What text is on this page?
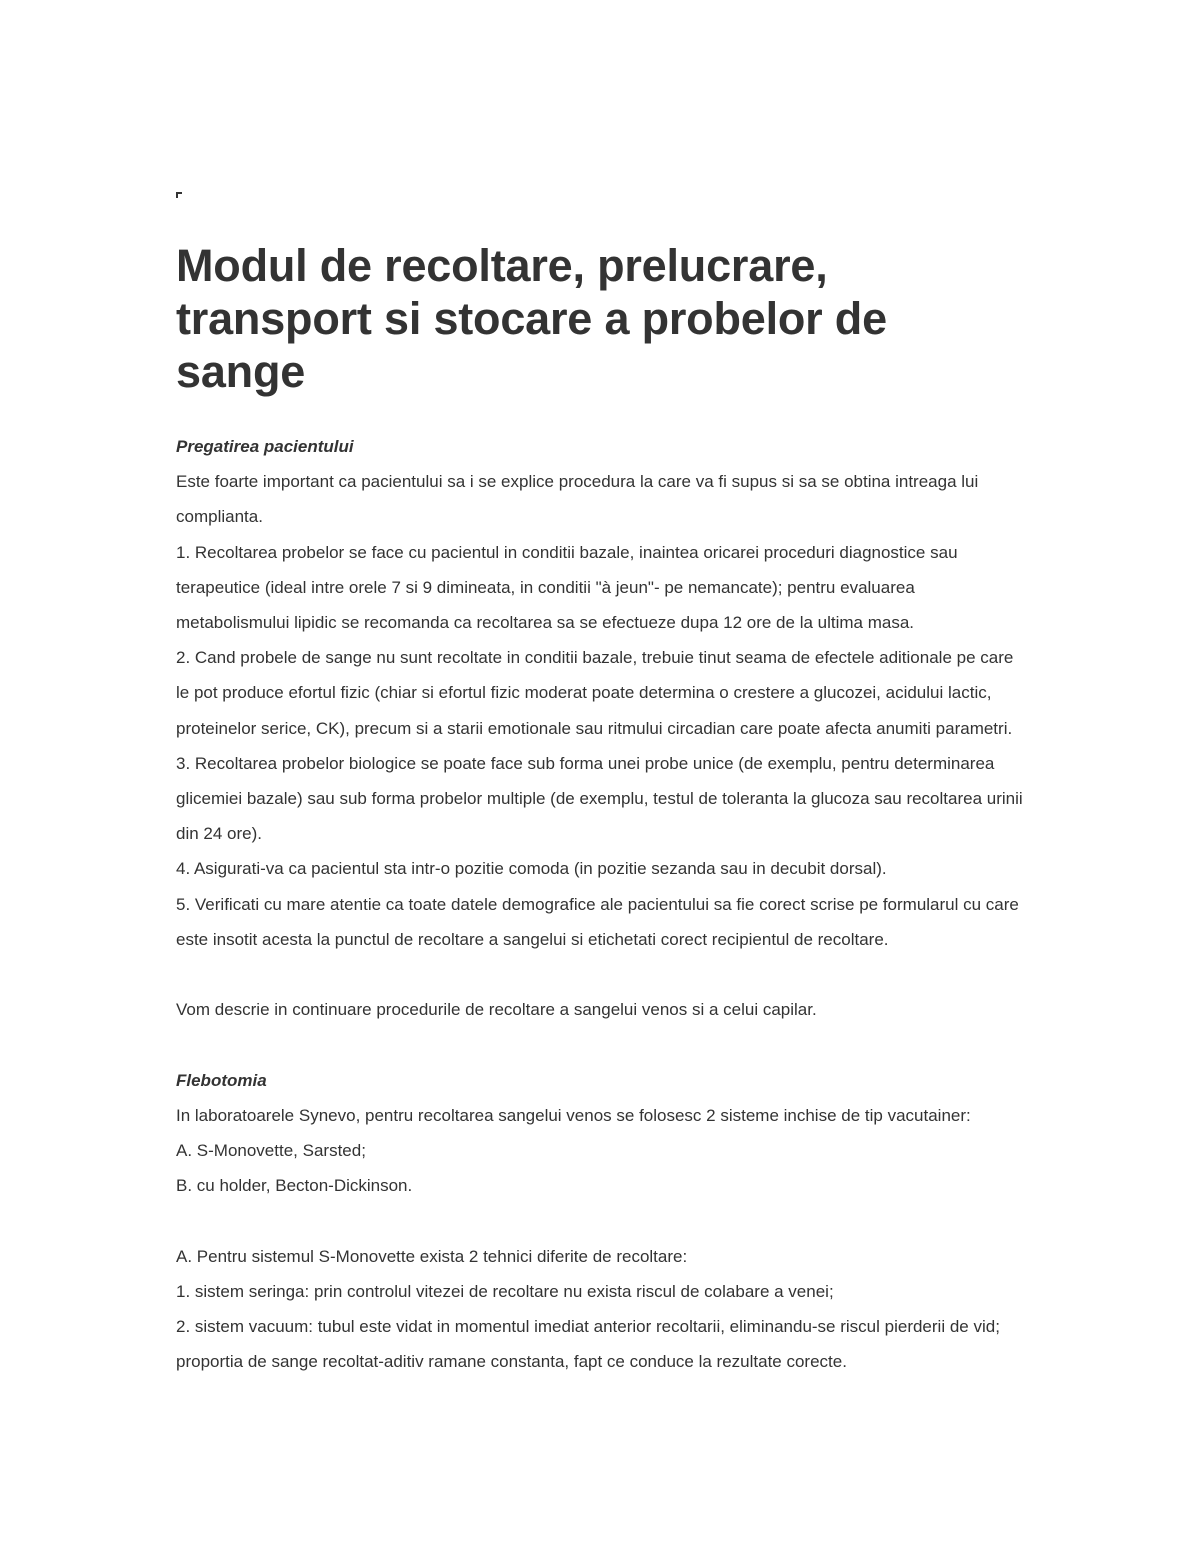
Modul de recoltare, prelucrare, transport si stocare a probelor de sange

Pregatirea pacientului

Este foarte important ca pacientului sa i se explice procedura la care va fi supus si sa se obtina intreaga lui complianta.

1. Recoltarea probelor se face cu pacientul in conditii bazale, inaintea oricarei proceduri diagnostice sau terapeutice (ideal intre orele 7 si 9 dimineata, in conditii "à jeun"- pe nemancate); pentru evaluarea metabolismului lipidic se recomanda ca recoltarea sa se efectueze dupa 12 ore de la ultima masa.

2. Cand probele de sange nu sunt recoltate in conditii bazale, trebuie tinut seama de efectele aditionale pe care le pot produce efortul fizic (chiar si efortul fizic moderat poate determina o crestere a glucozei, acidului lactic, proteinelor serice, CK), precum si a starii emotionale sau ritmului circadian care poate afecta anumiti parametri.

3. Recoltarea probelor biologice se poate face sub forma unei probe unice (de exemplu, pentru determinarea glicemiei bazale) sau sub forma probelor multiple (de exemplu, testul de toleranta la glucoza sau recoltarea urinii din 24 ore).

4. Asigurati-va ca pacientul sta intr-o pozitie comoda (in pozitie sezanda sau in decubit dorsal).

5. Verificati cu mare atentie ca toate datele demografice ale pacientului sa fie corect scrise pe formularul cu care este insotit acesta la punctul de recoltare a sangelui si etichetati corect recipientul de recoltare.

Vom descrie in continuare procedurile de recoltare a sangelui venos si a celui capilar.

Flebotomia

In laboratoarele Synevo, pentru recoltarea sangelui venos se folosesc 2 sisteme inchise de tip vacutainer:

A. S-Monovette, Sarsted;

B. cu holder, Becton-Dickinson.

A. Pentru sistemul S-Monovette exista 2 tehnici diferite de recoltare:

1. sistem seringa: prin controlul vitezei de recoltare nu exista riscul de colabare a venei;

2. sistem vacuum: tubul este vidat in momentul imediat anterior recoltarii, eliminandu-se riscul pierderii de vid; proportia de sange recoltat-aditiv ramane constanta, fapt ce conduce la rezultate corecte.
